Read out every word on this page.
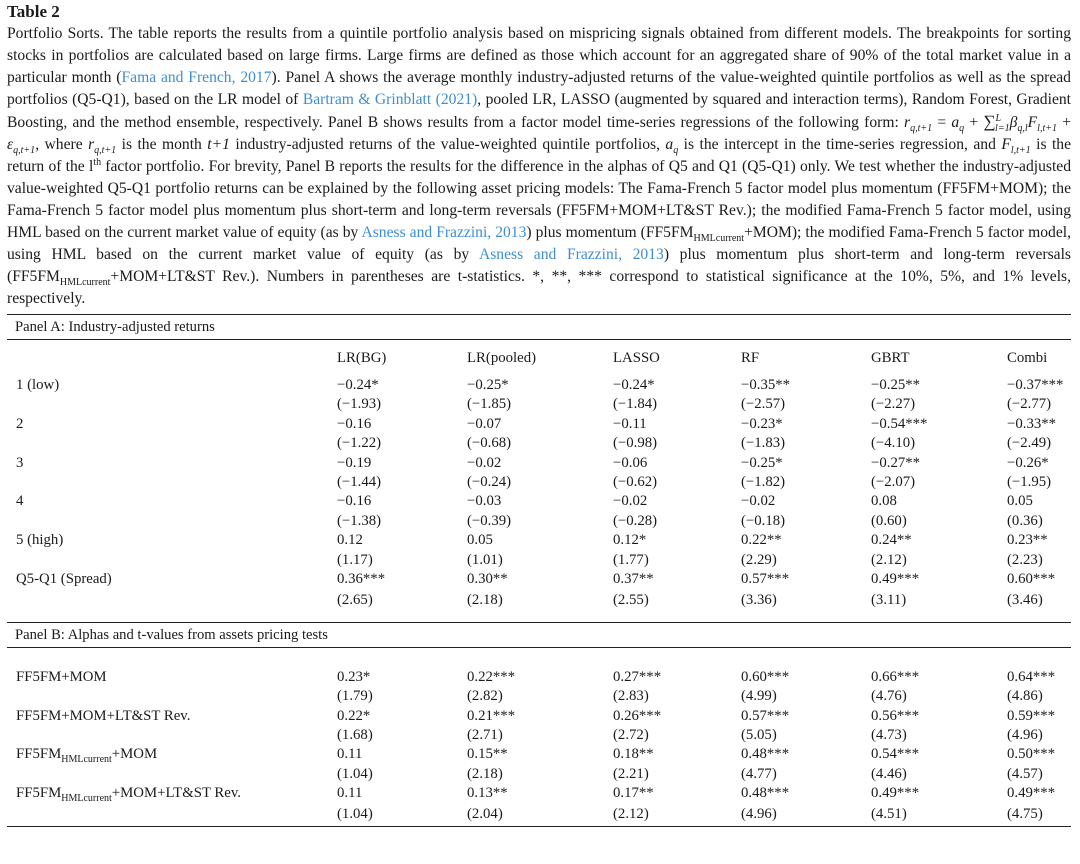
Table 2

Portfolio Sorts. The table reports the results from a quintile portfolio analysis based on mispricing signals obtained from different models. The breakpoints for sorting stocks in portfolios are calculated based on large firms. Large firms are defined as those which account for an aggregated share of 90% of the total market value in a particular month (Fama and French, 2017). Panel A shows the average monthly industry-adjusted returns of the value-weighted quintile portfolios as well as the spread portfolios (Q5-Q1), based on the LR model of Bartram & Grinblatt (2021), pooled LR, LASSO (augmented by squared and interaction terms), Random Forest, Gradient Boosting, and the method ensemble, respectively. Panel B shows results from a factor model time-series regressions of the following form: $r_{q,t+1} = a_q + \sum^L_{l=1}\beta_{q,l}F_{l,t+1} + \varepsilon_{q,t+1}$, where $r_{q,t+1}$ is the month t+1 industry-adjusted returns of the value-weighted quintile portfolios, $a_q$ is the intercept in the time-series regression, and $F_{l,t+1}$ is the return of the $l^{th}$ factor portfolio. For brevity, Panel B reports the results for the difference in the alphas of Q5 and Q1 (Q5-Q1) only. We test whether the industry-adjusted value-weighted Q5-Q1 portfolio returns can be explained by the following asset pricing models: The Fama-French 5 factor model plus momentum (FF5FM+MOM); the Fama-French 5 factor model plus momentum plus short-term and long-term reversals (FF5FM+MOM+LT&ST Rev.); the modified Fama-French 5 factor model, using HML based on the current market value of equity (as by Asness and Frazzini, 2013) plus momentum $(FF5FM_{HMLcurrent}+MOM)$; the modified Fama-French 5 factor model, using HML based on the current market value of equity (as by Asness and Frazzini, 2013) plus momentum plus short-term and long-term reversals ($FF5FM_{HMLcurrent}+MOM+LT\&ST$ Rev.). Numbers in parentheses are t-statistics. *, **, *** correspond to statistical significance at the 10%, 5%, and 1% levels, respectively.

Panel A: Industry-adjusted returns
	LR(BG)	LR(pooled)	LASSO	RF	GBRT	Combi
1 (low)	−0.24*	−0.25*	−0.24*	−0.35**	−0.25**	−0.37***
	(−1.93)	(−1.85)	(−1.84)	(−2.57)	(−2.27)	(−2.77)
2	−0.16	−0.07	−0.11	−0.23*	−0.54***	−0.33**
	(−1.22)	(−0.68)	(−0.98)	(−1.83)	(−4.10)	(−2.49)
3	−0.19	−0.02	−0.06	−0.25*	−0.27**	−0.26*
	(−1.44)	(−0.24)	(−0.62)	(−1.82)	(−2.07)	(−1.95)
4	−0.16	−0.03	−0.02	−0.02	0.08	0.05
	(−1.38)	(−0.39)	(−0.28)	(−0.18)	(0.60)	(0.36)
5 (high)	0.12	0.05	0.12*	0.22**	0.24**	0.23**
	(1.17)	(1.01)	(1.77)	(2.29)	(2.12)	(2.23)
Q5-Q1 (Spread)	0.36***	0.30**	0.37**	0.57***	0.49***	0.60***
	(2.65)	(2.18)	(2.55)	(3.36)	(3.11)	(3.46)
Panel B: Alphas and t-values from assets pricing tests

FF5FM+MOM	0.23*	0.22***	0.27***	0.60***	0.66***	0.64***
	(1.79)	(2.82)	(2.83)	(4.99)	(4.76)	(4.86)
FF5FM+MOM+LT&ST Rev.	0.22*	0.21***	0.26***	0.57***	0.56***	0.59***
	(1.68)	(2.71)	(2.72)	(5.05)	(4.73)	(4.96)
$FF5FM_{HMLcurrent}+MOM$	0.11	0.15**	0.18**	0.48***	0.54***	0.50***
	(1.04)	(2.18)	(2.21)	(4.77)	(4.46)	(4.57)
$FF5FM_{HMLcurrent}+MOM+LT\&ST$ Rev.	0.11	0.13**	0.17**	0.48***	0.49***	0.49***
	(1.04)	(2.04)	(2.12)	(4.96)	(4.51)	(4.75)
